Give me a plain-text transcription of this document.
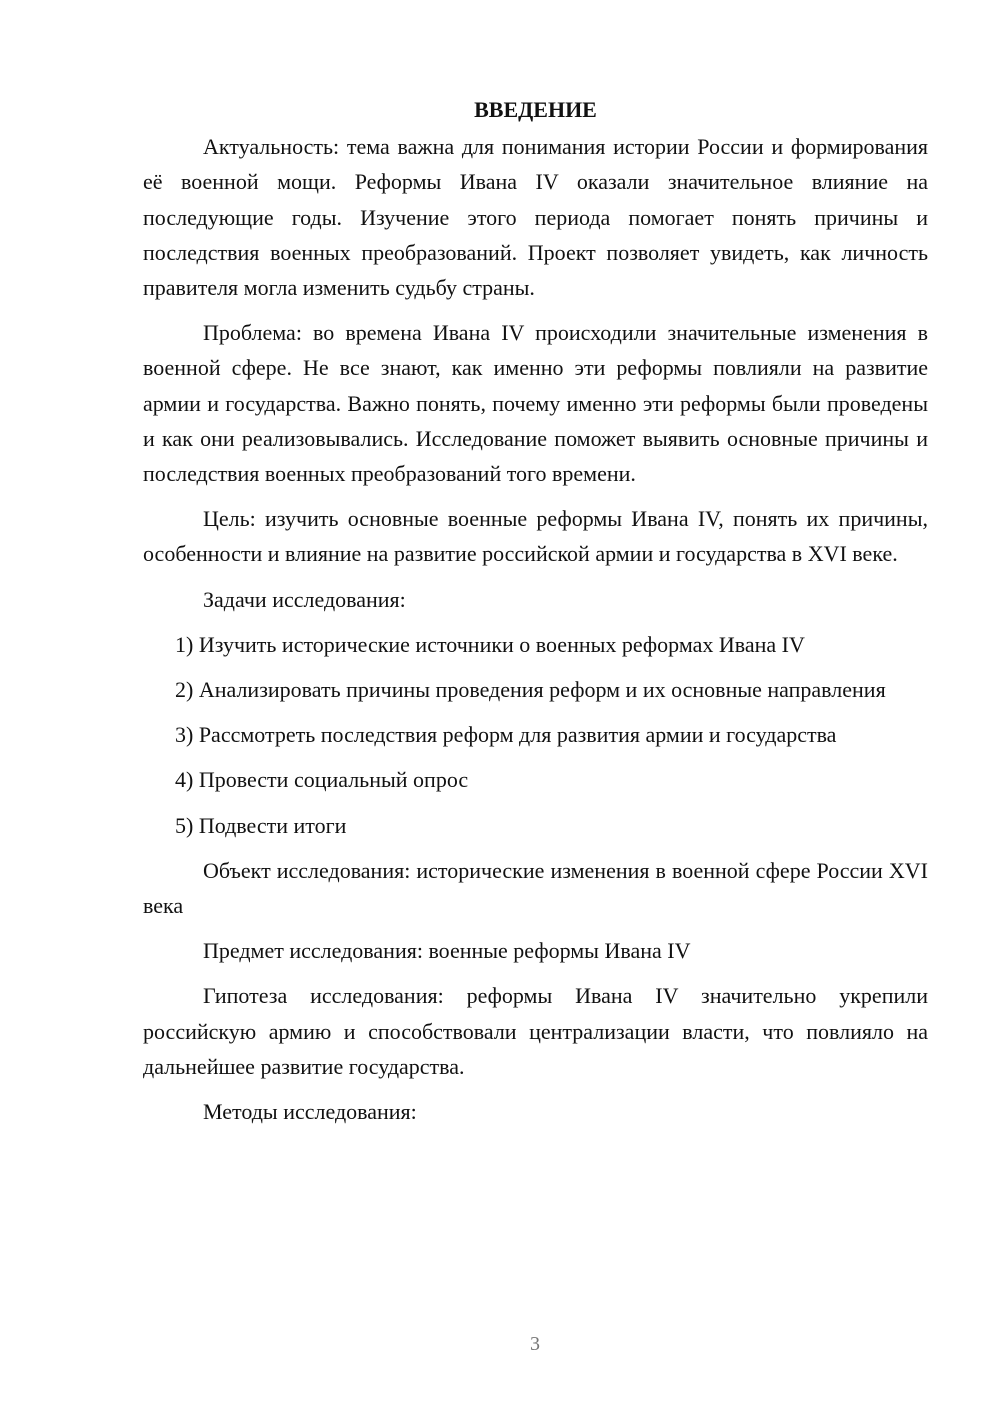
ВВЕДЕНИЕ

Актуальность: тема важна для понимания истории России и формирования её военной мощи. Реформы Ивана IV оказали значительное влияние на последующие годы. Изучение этого периода помогает понять причины и последствия военных преобразований. Проект позволяет увидеть, как личность правителя могла изменить судьбу страны.

Проблема: во времена Ивана IV происходили значительные изменения в военной сфере. Не все знают, как именно эти реформы повлияли на развитие армии и государства. Важно понять, почему именно эти реформы были проведены и как они реализовывались. Исследование поможет выявить основные причины и последствия военных преобразований того времени.

Цель: изучить основные военные реформы Ивана IV, понять их причины, особенности и влияние на развитие российской армии и государства в XVI веке.

Задачи исследования:

1) Изучить исторические источники о военных реформах Ивана IV

2) Анализировать причины проведения реформ и их основные направления

3) Рассмотреть последствия реформ для развития армии и государства

4) Провести социальный опрос

5) Подвести итоги

Объект исследования: исторические изменения в военной сфере России XVI века

Предмет исследования: военные реформы Ивана IV

Гипотеза исследования: реформы Ивана IV значительно укрепили российскую армию и способствовали централизации власти, что повлияло на дальнейшее развитие государства.

Методы исследования:

3
